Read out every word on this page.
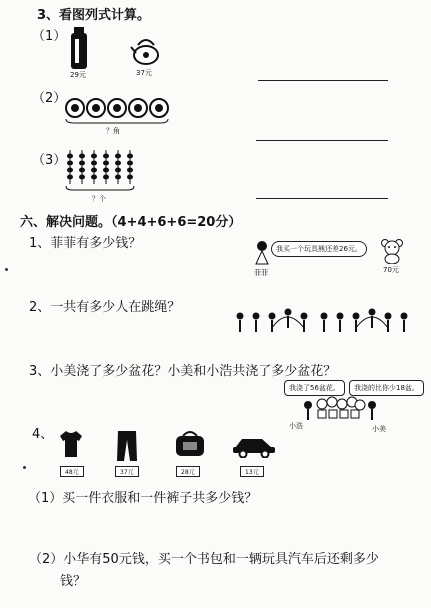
3、看图列式计算。
（1）
29元	37元
（2）
？角
（3）
？个
六、解决问题。（4+4+6+6=20分）
1、菲菲有多少钱？	我买一个玩具熊还差26元。
菲菲	70元
2、一共有多少人在跳绳？
3、小美浇了多少盆花？小美和小浩共浇了多少盆花？
我浇了56盆花。	我浇的比你少18盆。
小浩	小美
4、
48元	37元	28元	13元
（1）买一件衣服和一件裤子共多少钱？
（2）小华有50元钱，买一个书包和一辆玩具汽车后还剩多少
钱？
